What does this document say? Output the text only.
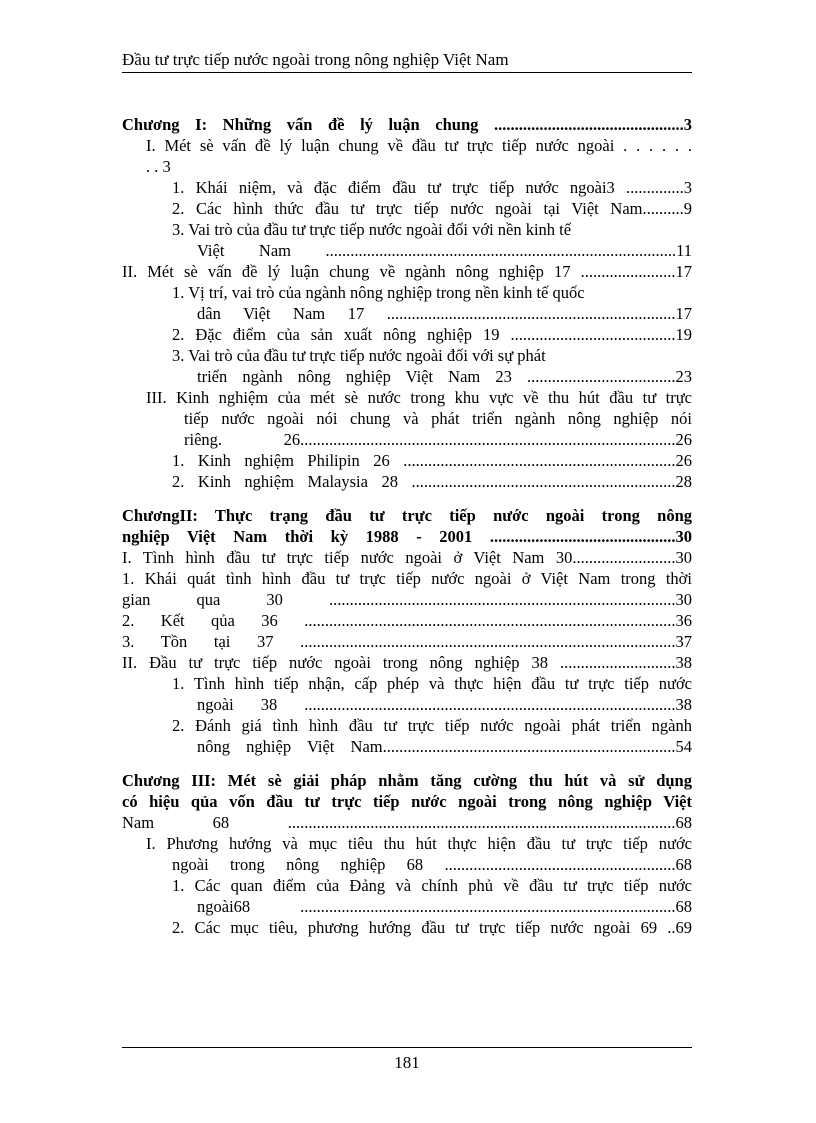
Đầu tư trực tiếp nước ngoài trong nông nghiệp Việt Nam
Chương I: Những vấn đề lý luận chung ..............................................3
I. Mét sè vấn đề lý luận chung về đầu tư trực tiếp nước ngoài . . . . . .
. . 3
1. Khái niệm, và đặc điểm đầu tư trực tiếp nước ngoài3 ..............3
2. Các hình thức đầu tư trực tiếp nước ngoài tại Việt Nam..........9
3. Vai trò của đầu tư trực tiếp nước ngoài đối với nền kinh tế
Việt Nam .....................................................................................11
II. Mét sè vấn đề lý luận chung về ngành nông nghiệp 17 .......................17
1. Vị trí, vai trò của ngành nông nghiệp trong nền kinh tế quốc
dân Việt Nam 17 ......................................................................17
2. Đặc điểm của sản xuất nông nghiệp 19 ........................................19
3. Vai trò của đầu tư trực tiếp nước ngoài đối với sự phát
triển ngành nông nghiệp Việt Nam 23 ....................................23
III. Kinh nghiệm của mét sè nước trong khu vực về thu hút đầu tư trực
tiếp nước ngoài nói chung và phát triển ngành nông nghiệp nói
riêng. 26...........................................................................................26
1. Kinh nghiệm Philipin 26 ..................................................................26
2. Kinh nghiệm Malaysia 28 ................................................................28
ChươngII: Thực trạng đầu tư trực tiếp nước ngoài trong nông
nghiệp Việt Nam thời kỳ 1988 - 2001 .............................................30
I. Tình hình đầu tư trực tiếp nước ngoài ở Việt Nam 30.........................30
1. Khái quát tình hình đầu tư trực tiếp nước ngoài ở Việt Nam trong thời
gian qua 30 ....................................................................................30
2. Kết qủa 36 ..........................................................................................36
3. Tồn tại 37 ...........................................................................................37
II. Đầu tư trực tiếp nước ngoài trong nông nghiệp 38 ............................38
1. Tình hình tiếp nhận, cấp phép và thực hiện đầu tư trực tiếp nước
ngoài 38 ..........................................................................................38
2. Đánh giá tình hình đầu tư trực tiếp nước ngoài phát triển ngành
nông nghiệp Việt Nam.......................................................................54
Chương III: Mét sè giải pháp nhằm tăng cường thu hút và sử dụng
có hiệu qủa vốn đầu tư trực tiếp nước ngoài trong nông nghiệp Việt
Nam 68 ..............................................................................................68
I. Phương hướng và mục tiêu thu hút thực hiện đầu tư trực tiếp nước
ngoài trong nông nghiệp 68 ........................................................68
1. Các quan điểm của Đảng và chính phủ về đầu tư trực tiếp nước
ngoài68 ...........................................................................................68
2. Các mục tiêu, phương hướng đầu tư trực tiếp nước ngoài 69 ..69
181
